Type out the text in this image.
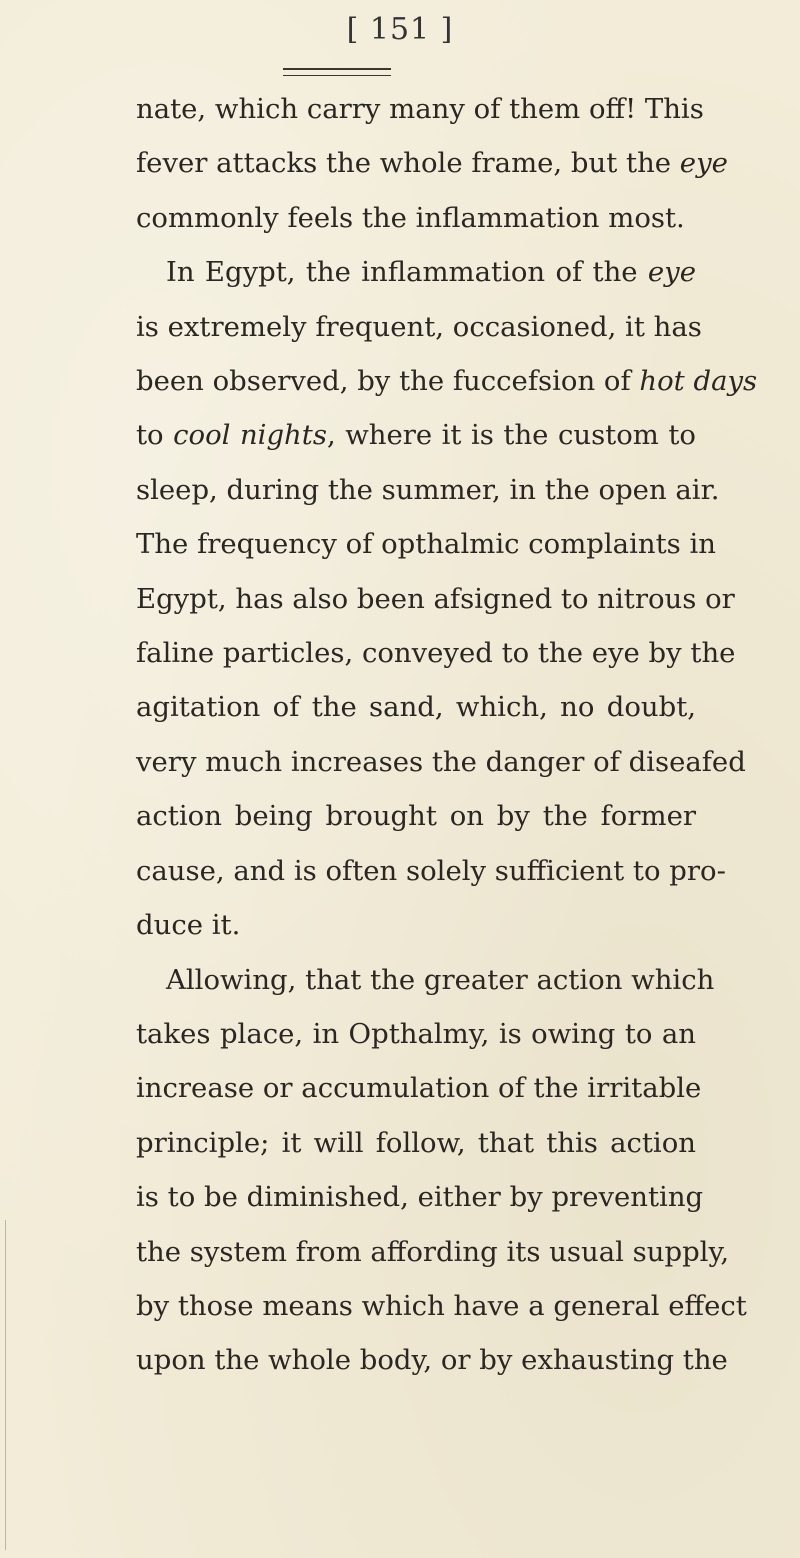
[ 151 ]
nate, which carry many of them off! This
fever attacks the whole frame, but the eye
commonly feels the inflammation most.
In Egypt, the inflammation of the eye
is extremely frequent, occasioned, it has
been observed, by the fuccefsion of hot days
to cool nights, where it is the custom to
sleep, during the summer, in the open air.
The frequency of opthalmic complaints in
Egypt, has also been afsigned to nitrous or
faline particles, conveyed to the eye by the
agitation of the sand, which, no doubt,
very much increases the danger of diseafed
action being brought on by the former
cause, and is often solely sufficient to pro-
duce it.
Allowing, that the greater action which
takes place, in Opthalmy, is owing to an
increase or accumulation of the irritable
principle; it will follow, that this action
is to be diminished, either by preventing
the system from affording its usual supply,
by those means which have a general effect
upon the whole body, or by exhausting the
